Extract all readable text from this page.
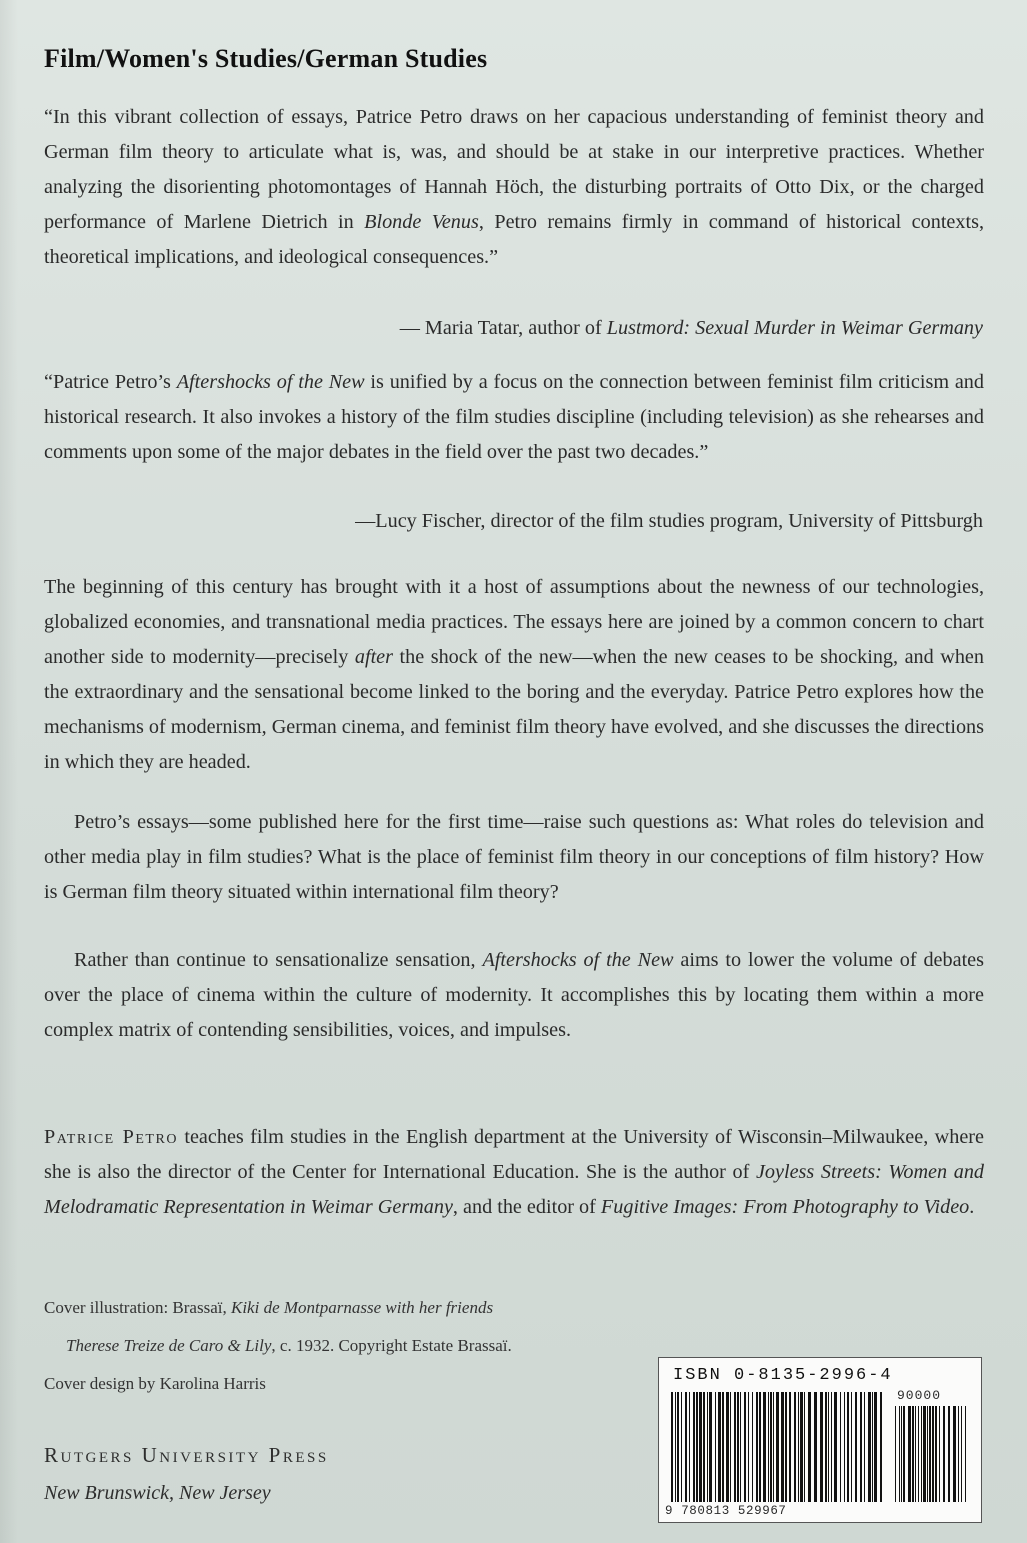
Film/Women's Studies/German Studies
“In this vibrant collection of essays, Patrice Petro draws on her capacious understanding of feminist theory and German film theory to articulate what is, was, and should be at stake in our interpretive practices. Whether analyzing the disorienting photomontages of Hannah Höch, the disturbing portraits of Otto Dix, or the charged performance of Marlene Dietrich in Blonde Venus, Petro remains firmly in command of historical contexts, theoretical implications, and ideological consequences.”
— Maria Tatar, author of Lustmord: Sexual Murder in Weimar Germany
“Patrice Petro’s Aftershocks of the New is unified by a focus on the connection between feminist film criticism and historical research. It also invokes a history of the film studies discipline (including television) as she rehearses and comments upon some of the major debates in the field over the past two decades.”
—Lucy Fischer, director of the film studies program, University of Pittsburgh
The beginning of this century has brought with it a host of assumptions about the newness of our technologies, globalized economies, and transnational media practices. The essays here are joined by a common concern to chart another side to modernity—precisely after the shock of the new—when the new ceases to be shocking, and when the extraordinary and the sensational become linked to the boring and the everyday. Patrice Petro explores how the mechanisms of modernism, German cinema, and feminist film theory have evolved, and she discusses the directions in which they are headed.
Petro’s essays—some published here for the first time—raise such questions as: What roles do television and other media play in film studies? What is the place of feminist film theory in our conceptions of film history? How is German film theory situated within international film theory?
Rather than continue to sensationalize sensation, Aftershocks of the New aims to lower the volume of debates over the place of cinema within the culture of modernity. It accomplishes this by locating them within a more complex matrix of contending sensibilities, voices, and impulses.
Patrice Petro teaches film studies in the English department at the University of Wisconsin–Milwaukee, where she is also the director of the Center for International Education. She is the author of Joyless Streets: Women and Melodramatic Representation in Weimar Germany, and the editor of Fugitive Images: From Photography to Video.
Cover illustration: Brassaï, Kiki de Montparnasse with her friends
Therese Treize de Caro & Lily, c. 1932. Copyright Estate Brassaï.
Cover design by Karolina Harris
Rutgers University Press
New Brunswick, New Jersey
ISBN 0-8135-2996-4
90000
9 780813 529967
